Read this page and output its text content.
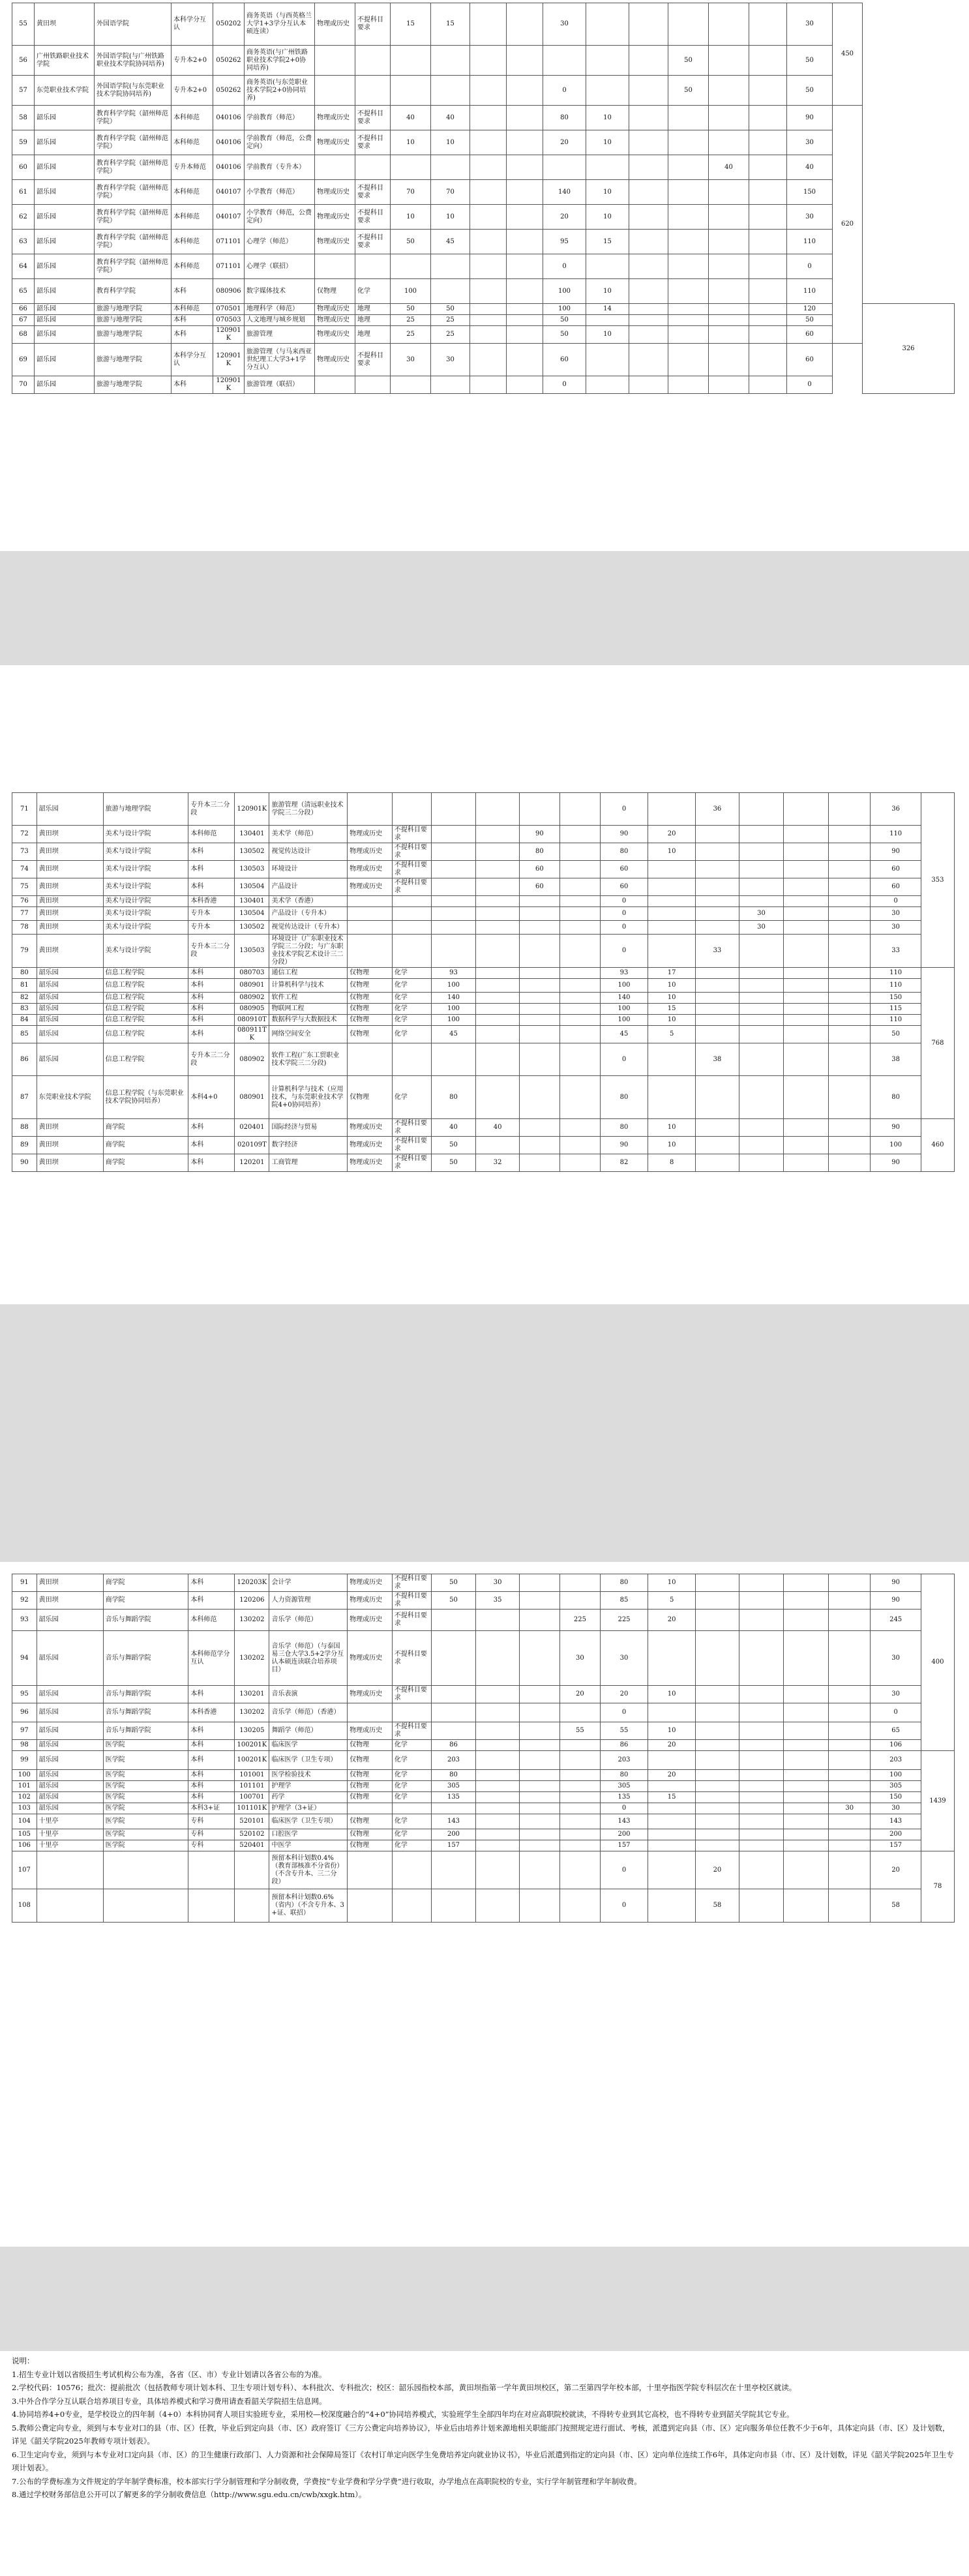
55	黄田坝	外国语学院	本科学分互认	050202	商务英语（与西英格兰大学1+3学分互认本硕连读）	物理或历史	不提科目要求	15	15			30						30	450	
56	广州铁路职业技术学院	外国语学院(与广州铁路职业技术学院协同培养)	专升本2+0	050262	商务英语(与广州铁路职业技术学院2+0协同培养)										50			50		
57	东莞职业技术学院	外国语学院(与东莞职业技术学院协同培养)	专升本2+0	050262	商务英语(与东莞职业技术学院2+0协同培养)							0			50			50		
58	韶乐园	教育科学学院（韶州师范学院）	本科师范	040106	学前教育（师范）	物理或历史	不提科目要求	40	40			80	10					90	620	
59	韶乐园	教育科学学院（韶州师范学院）	本科师范	040106	学前教育（师范，公费定向）	物理或历史	不提科目要求	10	10			20	10					30		
60	韶乐园	教育科学学院（韶州师范学院）	专升本师范	040106	学前教育（专升本）											40		40		
61	韶乐园	教育科学学院（韶州师范学院）	本科师范	040107	小学教育（师范）	物理或历史	不提科目要求	70	70			140	10					150		
62	韶乐园	教育科学学院（韶州师范学院）	本科师范	040107	小学教育（师范，公费定向）	物理或历史	不提科目要求	10	10			20	10					30		
63	韶乐园	教育科学学院（韶州师范学院）	本科师范	071101	心理学（师范）	物理或历史	不提科目要求	50	45			95	15					110		
64	韶乐园	教育科学学院（韶州师范学院）	本科师范	071101	心理学（联招）							0						0		
65	韶乐园	教育科学学院	本科	080906	数字媒体技术	仅物理	化学	100				100	10					110		
66	韶乐园	旅游与地理学院	本科师范	070501	地理科学（师范）	物理或历史	地理	50	50			100	14					120		326
67	韶乐园	旅游与地理学院	本科	070503	人文地理与城乡规划	物理或历史	地理	25	25			50						50		
68	韶乐园	旅游与地理学院	本科	120901K	旅游管理	物理或历史	地理	25	25			50	10					60		
69	韶乐园	旅游与地理学院	本科学分互认	120901K	旅游管理（与马来西亚世纪理工大学3+1学分互认）	物理或历史	不提科目要求	30	30			60						60		
70	韶乐园	旅游与地理学院	本科	120901K	旅游管理（联招）							0						0		
71	韶乐园	旅游与地理学院	专升本三二分段	120901K	旅游管理（清远职业技术学院三二分段）							0		36				36	353
72	黄田坝	美术与设计学院	本科师范	130401	美术学（师范）	物理或历史	不提科目要求			90		90	20					110	
73	黄田坝	美术与设计学院	本科	130502	视觉传达设计	物理或历史	不提科目要求			80		80	10					90	
74	黄田坝	美术与设计学院	本科	130503	环境设计	物理或历史	不提科目要求			60		60						60	
75	黄田坝	美术与设计学院	本科	130504	产品设计	物理或历史	不提科目要求			60		60						60	
76	黄田坝	美术与设计学院	本科香港	130401	美术学（香港）							0						0	
77	黄田坝	美术与设计学院	专升本	130504	产品设计（专升本）							0			30			30	
78	黄田坝	美术与设计学院	专升本	130502	视觉传达设计（专升本）							0			30			30	
79	黄田坝	美术与设计学院	专升本三二分段	130503	环境设计（广东职业技术学院三二分段；与广东职业技术学院艺术设计三二分段）							0		33				33	
80	韶乐园	信息工程学院	本科	080703	通信工程	仅物理	化学	93				93	17					110	768
81	韶乐园	信息工程学院	本科	080901	计算机科学与技术	仅物理	化学	100				100	10					110	
82	韶乐园	信息工程学院	本科	080902	软件工程	仅物理	化学	140				140	10					150	
83	韶乐园	信息工程学院	本科	080905	物联网工程	仅物理	化学	100				100	15					115	
84	韶乐园	信息工程学院	本科	080910T	数据科学与大数据技术	仅物理	化学	100				100	10					110	
85	韶乐园	信息工程学院	本科	080911TK	网络空间安全	仅物理	化学	45				45	5					50	
86	韶乐园	信息工程学院	专升本三二分段	080902	软件工程(广东工贸职业技术学院三二分段)							0		38				38	
87	东莞职业技术学院	信息工程学院（与东莞职业技术学院协同培养）	本科4+0	080901	计算机科学与技术（应用技术，与东莞职业技术学院4+0协同培养）	仅物理	化学	80				80						80	
88	黄田坝	商学院	本科	020401	国际经济与贸易	物理或历史	不提科目要求	40	40			80	10					90	460
89	黄田坝	商学院	本科	020109T	数字经济	物理或历史	不提科目要求	50				90	10					100	
90	黄田坝	商学院	本科	120201	工商管理	物理或历史	不提科目要求	50	32			82	8					90	
91	黄田坝	商学院	本科	120203K	会计学	物理或历史	不提科目要求	50	30			80	10					90	400
92	黄田坝	商学院	本科	120206	人力资源管理	物理或历史	不提科目要求	50	35			85	5					90	
93	韶乐园	音乐与舞蹈学院	本科师范	130202	音乐学（师范）	物理或历史	不提科目要求				225	225	20					245	
94	韶乐园	音乐与舞蹈学院	本科师范学分互认	130202	音乐学（师范）（与泰国易三仓大学3.5+2学分互认本硕连读联合培养项目）	物理或历史	不提科目要求				30	30						30	
95	韶乐园	音乐与舞蹈学院	本科	130201	音乐表演	物理或历史	不提科目要求				20	20	10					30	
96	韶乐园	音乐与舞蹈学院	本科香港	130202	音乐学（师范）（香港）							0						0	
97	韶乐园	音乐与舞蹈学院	本科	130205	舞蹈学（师范）	物理或历史	不提科目要求				55	55	10					65	
98	韶乐园	医学院	本科	100201K	临床医学	仅物理	化学	86				86	20					106	
99	韶乐园	医学院	本科	100201K	临床医学（卫生专项）	仅物理	化学	203				203						203	1439
100	韶乐园	医学院	本科	101001	医学检验技术	仅物理	化学	80				80	20					100	
101	韶乐园	医学院	本科	101101	护理学	仅物理	化学	305				305						305	
102	韶乐园	医学院	本科	100701	药学	仅物理	化学	135				135	15					150	
103	韶乐园	医学院	本科3+证	101101K	护理学（3+证）							0					30	30	
104	十里亭	医学院	专科	520101	临床医学（卫生专项）	仅物理	化学	143				143						143	
105	十里亭	医学院	专科	520102	口腔医学	仅物理	化学	200				200						200	
106	十里亭	医学院	专科	520401	中医学	仅物理	化学	157				157						157	
107					预留本科计划数0.4%（教育部核准不分省份）（不含专升本、三二分段）							0		20				20	78
108					预留本科计划数0.6%（省内）（不含专升本、3+证、联招）							0		58				58	

说明：

1.招生专业计划以省级招生考试机构公布为准，各省（区、市）专业计划请以各省公布的为准。

2.学校代码：10576；批次：提前批次（包括教师专项计划本科、卫生专项计划专科）、本科批次、专科批次；校区：韶乐园指校本部，黄田坝指第一学年黄田坝校区，第二至第四学年校本部，十里亭指医学院专科层次在十里亭校区就读。

3.中外合作学分互认联合培养项目专业，具体培养模式和学习费用请查看韶关学院招生信息网。

4.协同培养4+0专业，是学校设立的四年制（4+0）本科协同育人项目实验班专业，采用校—校深度融合的“4+0”协同培养模式，实验班学生全部四年均在对应高职院校就读，不得转专业到其它高校，也不得转专业到韶关学院其它专业。

5.教师公费定向专业，须到与本专业对口的县（市、区）任教，毕业后到定向县（市、区）政府签订《三方公费定向培养协议》，毕业后由培养计划来源地相关职能部门按照规定进行面试、考核，派遣到定向县（市、区）定向服务单位任教不少于6年，具体定向县（市、区）及计划数，详见《韶关学院2025年教师专项计划表》。

6.卫生定向专业，须到与本专业对口定向县（市、区）的卫生健康行政部门、人力资源和社会保障局签订《农村订单定向医学生免费培养定向就业协议书》，毕业后派遣到指定的定向县（市、区）定向单位连续工作6年，具体定向市县（市、区）及计划数，详见《韶关学院2025年卫生专项计划表》。

7.公布的学费标准为文件规定的学年制学费标准，校本部实行学分制管理和学分制收费，学费按“专业学费和学分学费”进行收取，办学地点在高职院校的专业，实行学年制管理和学年制收费。

8.通过学校财务部信息公开可以了解更多的学分制收费信息（http://www.sgu.edu.cn/cwb/xxgk.htm）。
